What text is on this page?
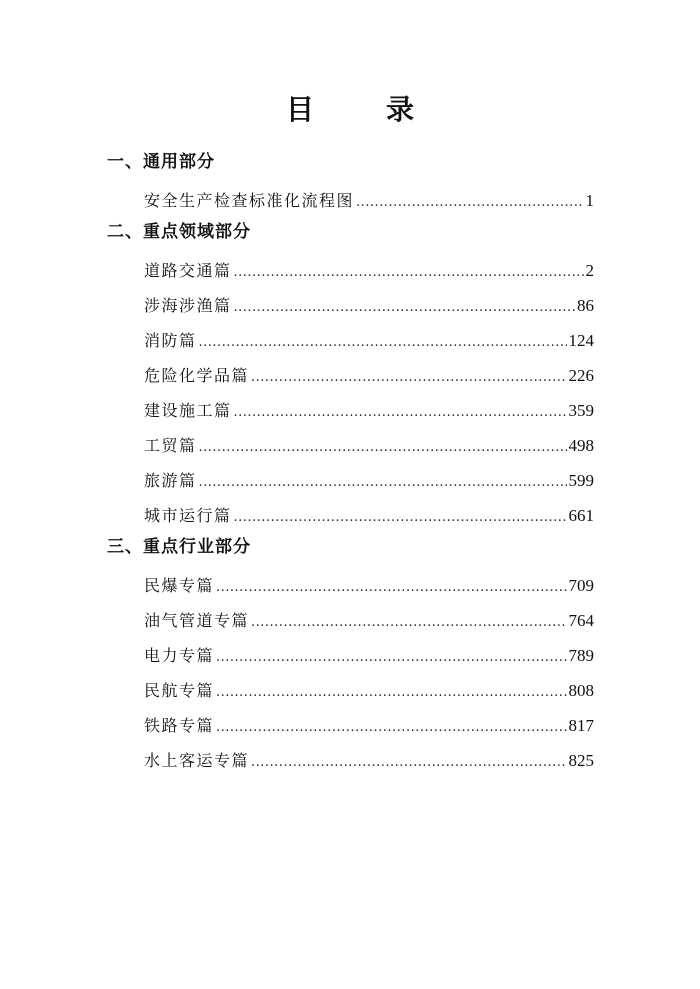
目　录
一、通用部分
安全生产检查标准化流程图 .....	1
二、重点领域部分
道路交通篇 .....	2
涉海涉渔篇 .....	86
消防篇 .....	124
危险化学品篇 .....	226
建设施工篇 .....	359
工贸篇 .....	498
旅游篇 .....	599
城市运行篇 .....	661
三、重点行业部分
民爆专篇 .....	709
油气管道专篇 .....	764
电力专篇 .....	789
民航专篇 .....	808
铁路专篇 .....	817
水上客运专篇 .....	825
